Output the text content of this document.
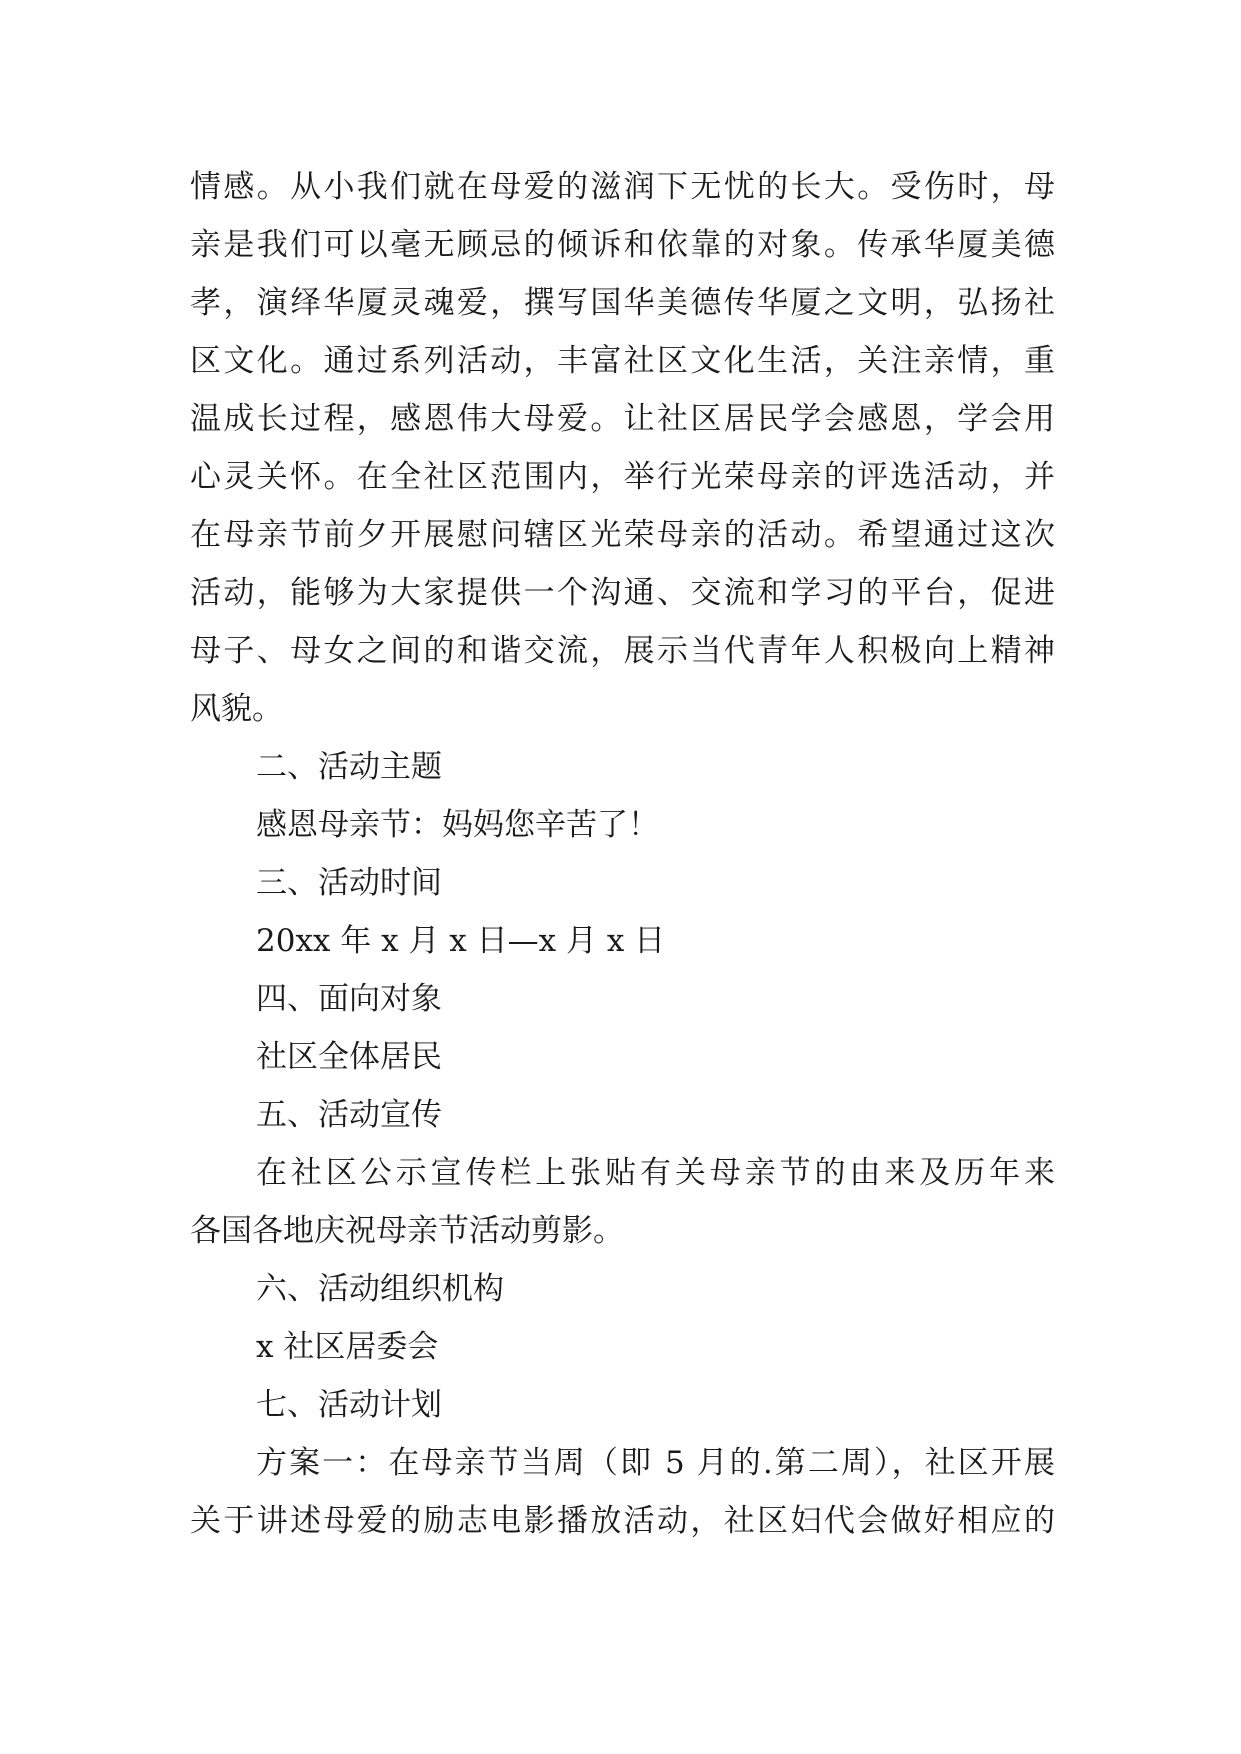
情感。从小我们就在母爱的滋润下无忧的长大。受伤时，母
亲是我们可以毫无顾忌的倾诉和依靠的对象。传承华厦美德
孝，演绎华厦灵魂爱，撰写国华美德传华厦之文明，弘扬社
区文化。通过系列活动，丰富社区文化生活，关注亲情，重
温成长过程，感恩伟大母爱。让社区居民学会感恩，学会用
心灵关怀。在全社区范围内，举行光荣母亲的评选活动，并
在母亲节前夕开展慰问辖区光荣母亲的活动。希望通过这次
活动，能够为大家提供一个沟通、交流和学习的平台，促进
母子、母女之间的和谐交流，展示当代青年人积极向上精神
风貌。
二、活动主题
感恩母亲节：妈妈您辛苦了！
三、活动时间
20xx 年 x 月 x 日—x 月 x 日
四、面向对象
社区全体居民
五、活动宣传
在社区公示宣传栏上张贴有关母亲节的由来及历年来
各国各地庆祝母亲节活动剪影。
六、活动组织机构
x 社区居委会
七、活动计划
方案一：在母亲节当周（即 5 月的.第二周），社区开展
关于讲述母爱的励志电影播放活动，社区妇代会做好相应的
